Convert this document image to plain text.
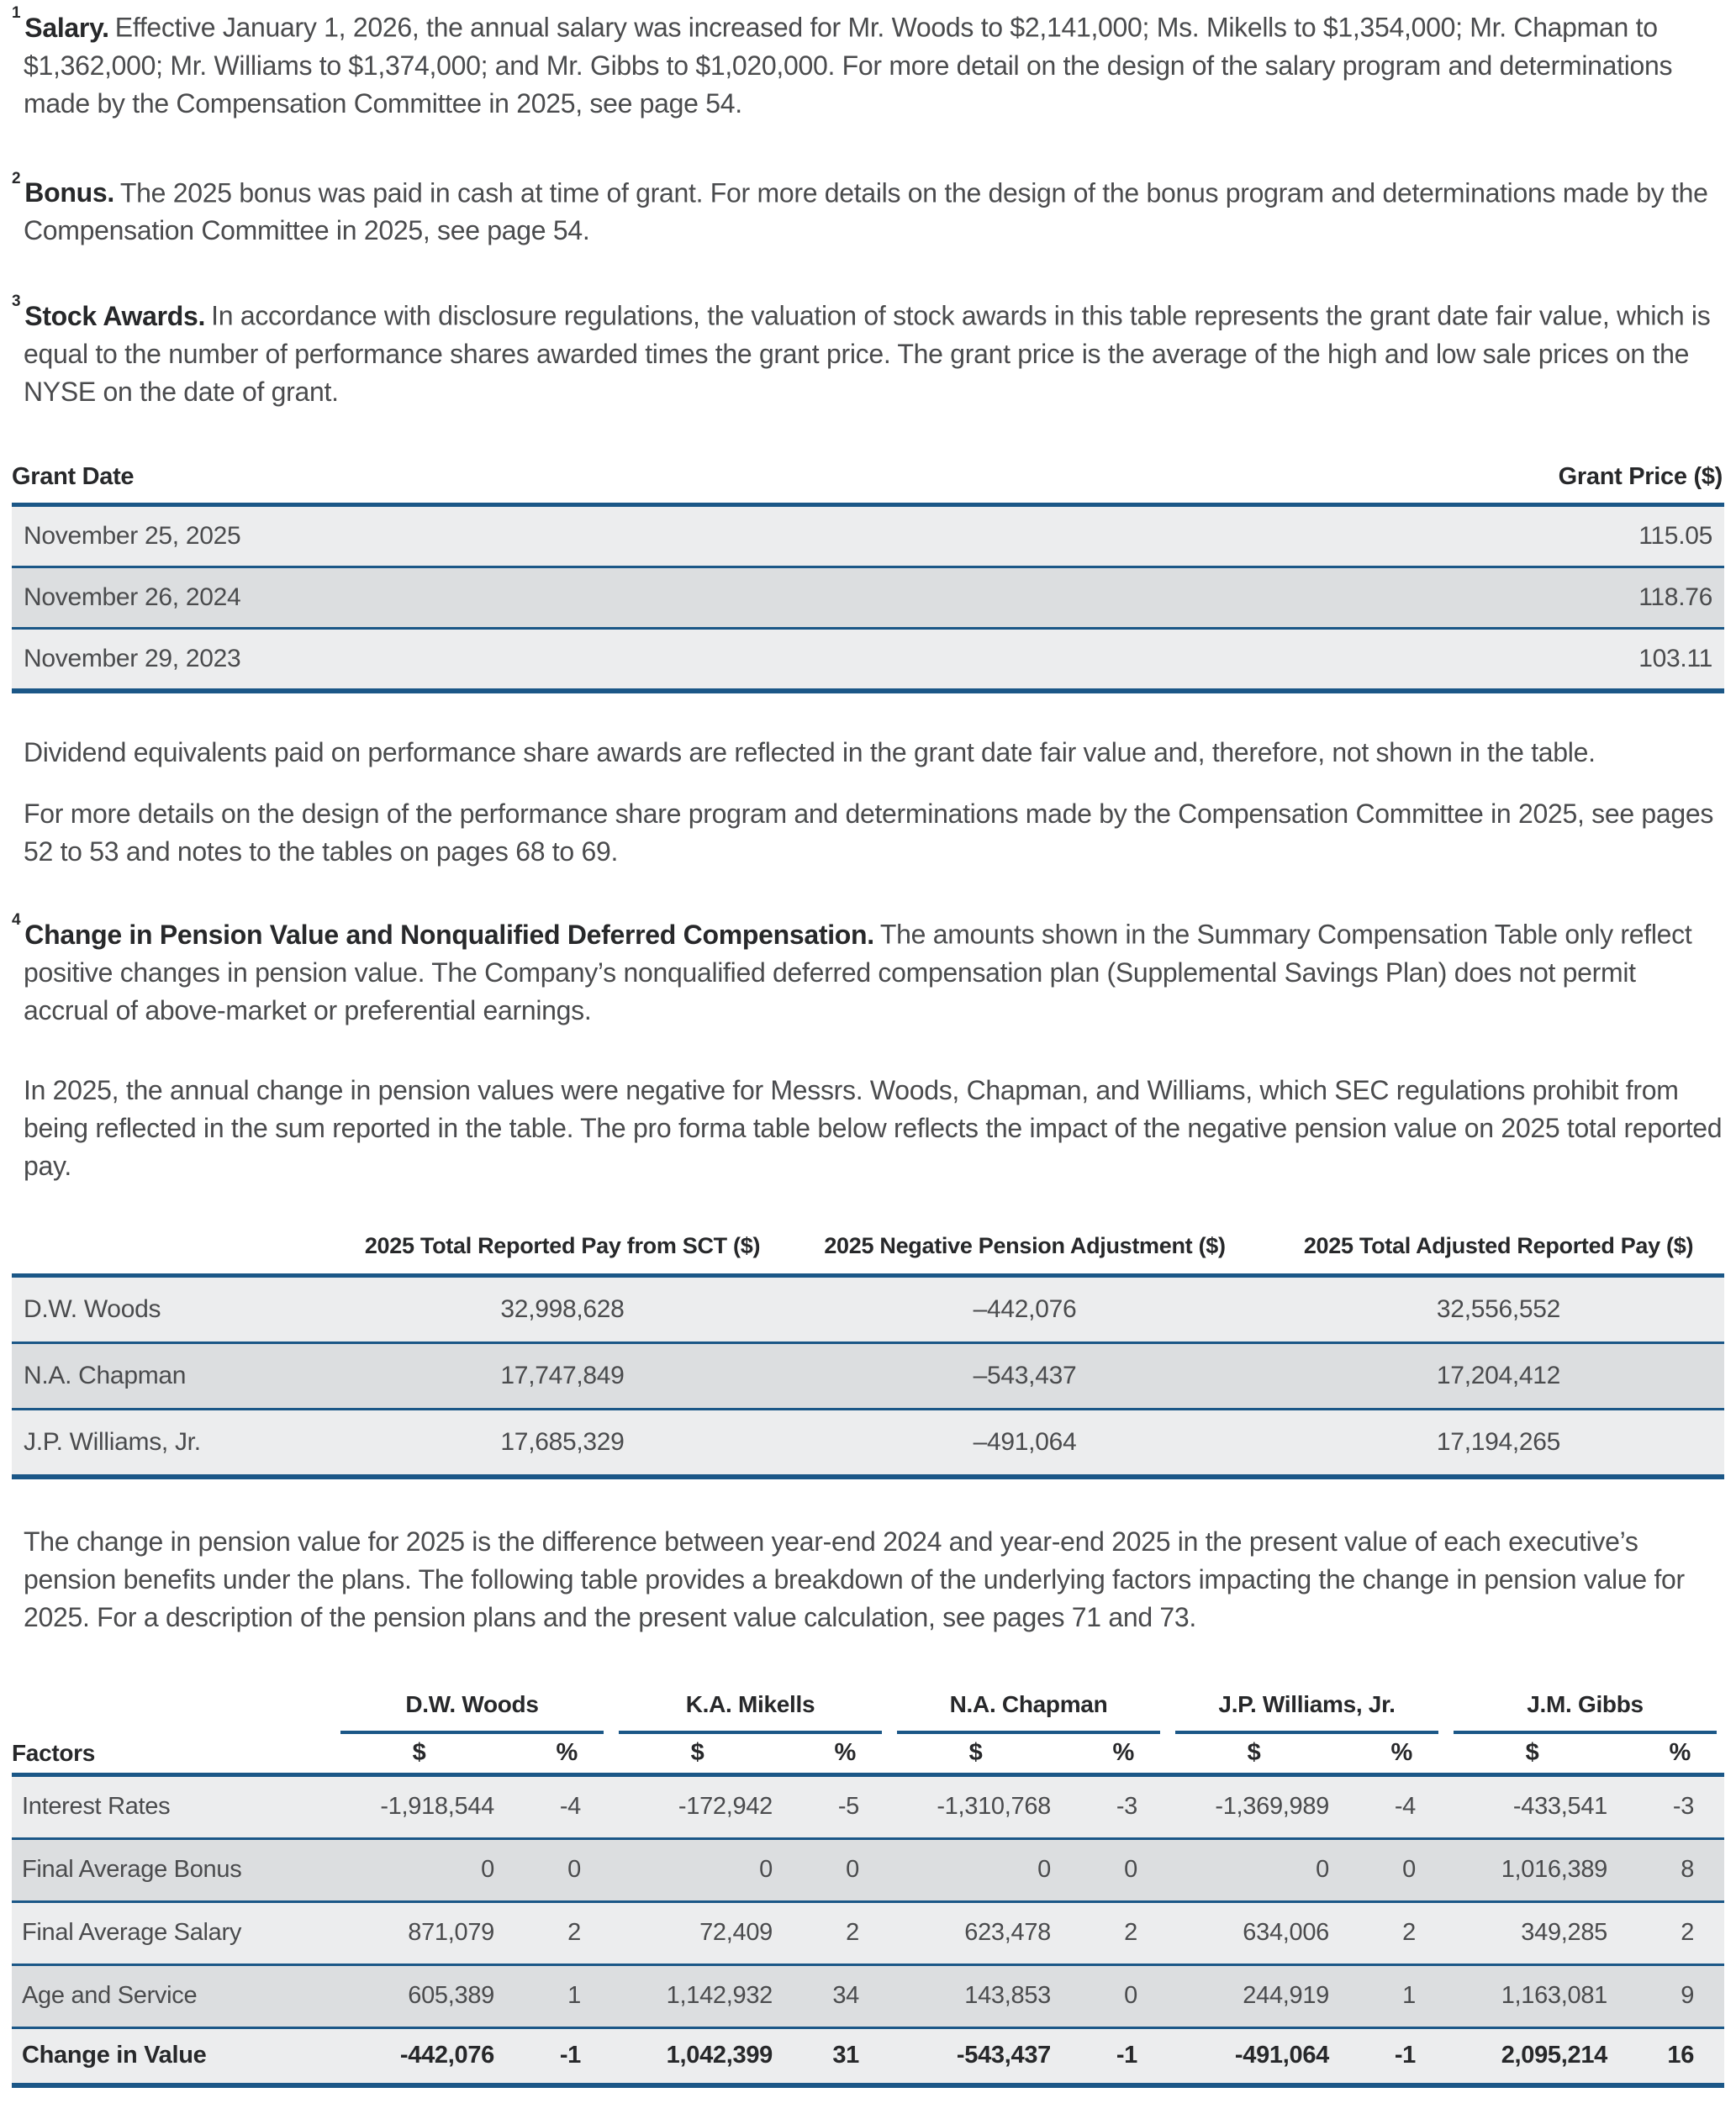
$^1$ Salary. Effective January 1, 2026, the annual salary was increased for Mr. Woods to $2,141,000; Ms. Mikells to $1,354,000; Mr. Chapman to $1,362,000; Mr. Williams to $1,374,000; and Mr. Gibbs to $1,020,000. For more detail on the design of the salary program and determinations made by the Compensation Committee in 2025, see page 54.

$^2$ Bonus. The 2025 bonus was paid in cash at time of grant. For more details on the design of the bonus program and determinations made by the Compensation Committee in 2025, see page 54.

$^3$ Stock Awards. In accordance with disclosure regulations, the valuation of stock awards in this table represents the grant date fair value, which is equal to the number of performance shares awarded times the grant price. The grant price is the average of the high and low sale prices on the NYSE on the date of grant.

Grant Date	Grant Price ($)
November 25, 2025	115.05
November 26, 2024	118.76
November 29, 2023	103.11

Dividend equivalents paid on performance share awards are reflected in the grant date fair value and, therefore, not shown in the table.

For more details on the design of the performance share program and determinations made by the Compensation Committee in 2025, see pages 52 to 53 and notes to the tables on pages 68 to 69.

$^4$ Change in Pension Value and Nonqualified Deferred Compensation. The amounts shown in the Summary Compensation Table only reflect positive changes in pension value. The Company’s nonqualified deferred compensation plan (Supplemental Savings Plan) does not permit accrual of above-market or preferential earnings.

In 2025, the annual change in pension values were negative for Messrs. Woods, Chapman, and Williams, which SEC regulations prohibit from being reflected in the sum reported in the table. The pro forma table below reflects the impact of the negative pension value on 2025 total reported pay.

	2025 Total Reported Pay from SCT ($)	2025 Negative Pension Adjustment ($)	2025 Total Adjusted Reported Pay ($)
D.W. Woods	32,998,628	–442,076	32,556,552
N.A. Chapman	17,747,849	–543,437	17,204,412
J.P. Williams, Jr.	17,685,329	–491,064	17,194,265

The change in pension value for 2025 is the difference between year-end 2024 and year-end 2025 in the present value of each executive’s pension benefits under the plans. The following table provides a breakdown of the underlying factors impacting the change in pension value for 2025. For a description of the pension plans and the present value calculation, see pages 71 and 73.

	D.W. Woods		K.A. Mikells		N.A. Chapman		J.P. Williams, Jr.		J.M. Gibbs	

Factors	$	%	$	%	$	%	$	%	$	%
Interest Rates	-1,918,544	-4	-172,942	-5	-1,310,768	-3	-1,369,989	-4	-433,541	-3
Final Average Bonus	0	0	0	0	0	0	0	0	1,016,389	8
Final Average Salary	871,079	2	72,409	2	623,478	2	634,006	2	349,285	2
Age and Service	605,389	1	1,142,932	34	143,853	0	244,919	1	1,163,081	9
Change in Value	-442,076	-1	1,042,399	31	-543,437	-1	-491,064	-1	2,095,214	16
